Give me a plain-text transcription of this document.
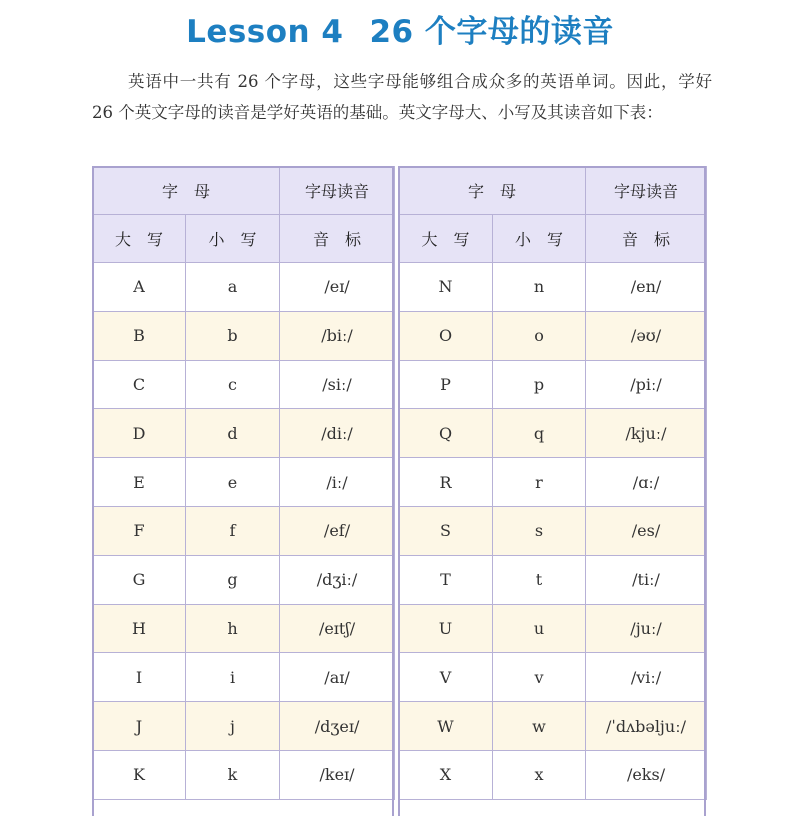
Lesson 4 26 个字母的读音

英语中一共有 26 个字母，这些字母能够组合成众多的英语单词。因此，学好 26 个英文字母的读音是学好英语的基础。英文字母大、小写及其读音如下表：

字　母		字母读音
大　写	小　写	音　标
A	a	/eɪ/
B	b	/biː/
C	c	/siː/
D	d	/diː/
E	e	/iː/
F	f	/ef/
G	g	/dʒiː/
H	h	/eɪtʃ/
I	i	/aɪ/
J	j	/dʒeɪ/
K	k	/keɪ/
字　母		字母读音
大　写	小　写	音　标
N	n	/en/
O	o	/əʊ/
P	p	/piː/
Q	q	/kjuː/
R	r	/ɑː/
S	s	/es/
T	t	/tiː/
U	u	/juː/
V	v	/viː/
W	w	/ˈdʌbəljuː/
X	x	/eks/
